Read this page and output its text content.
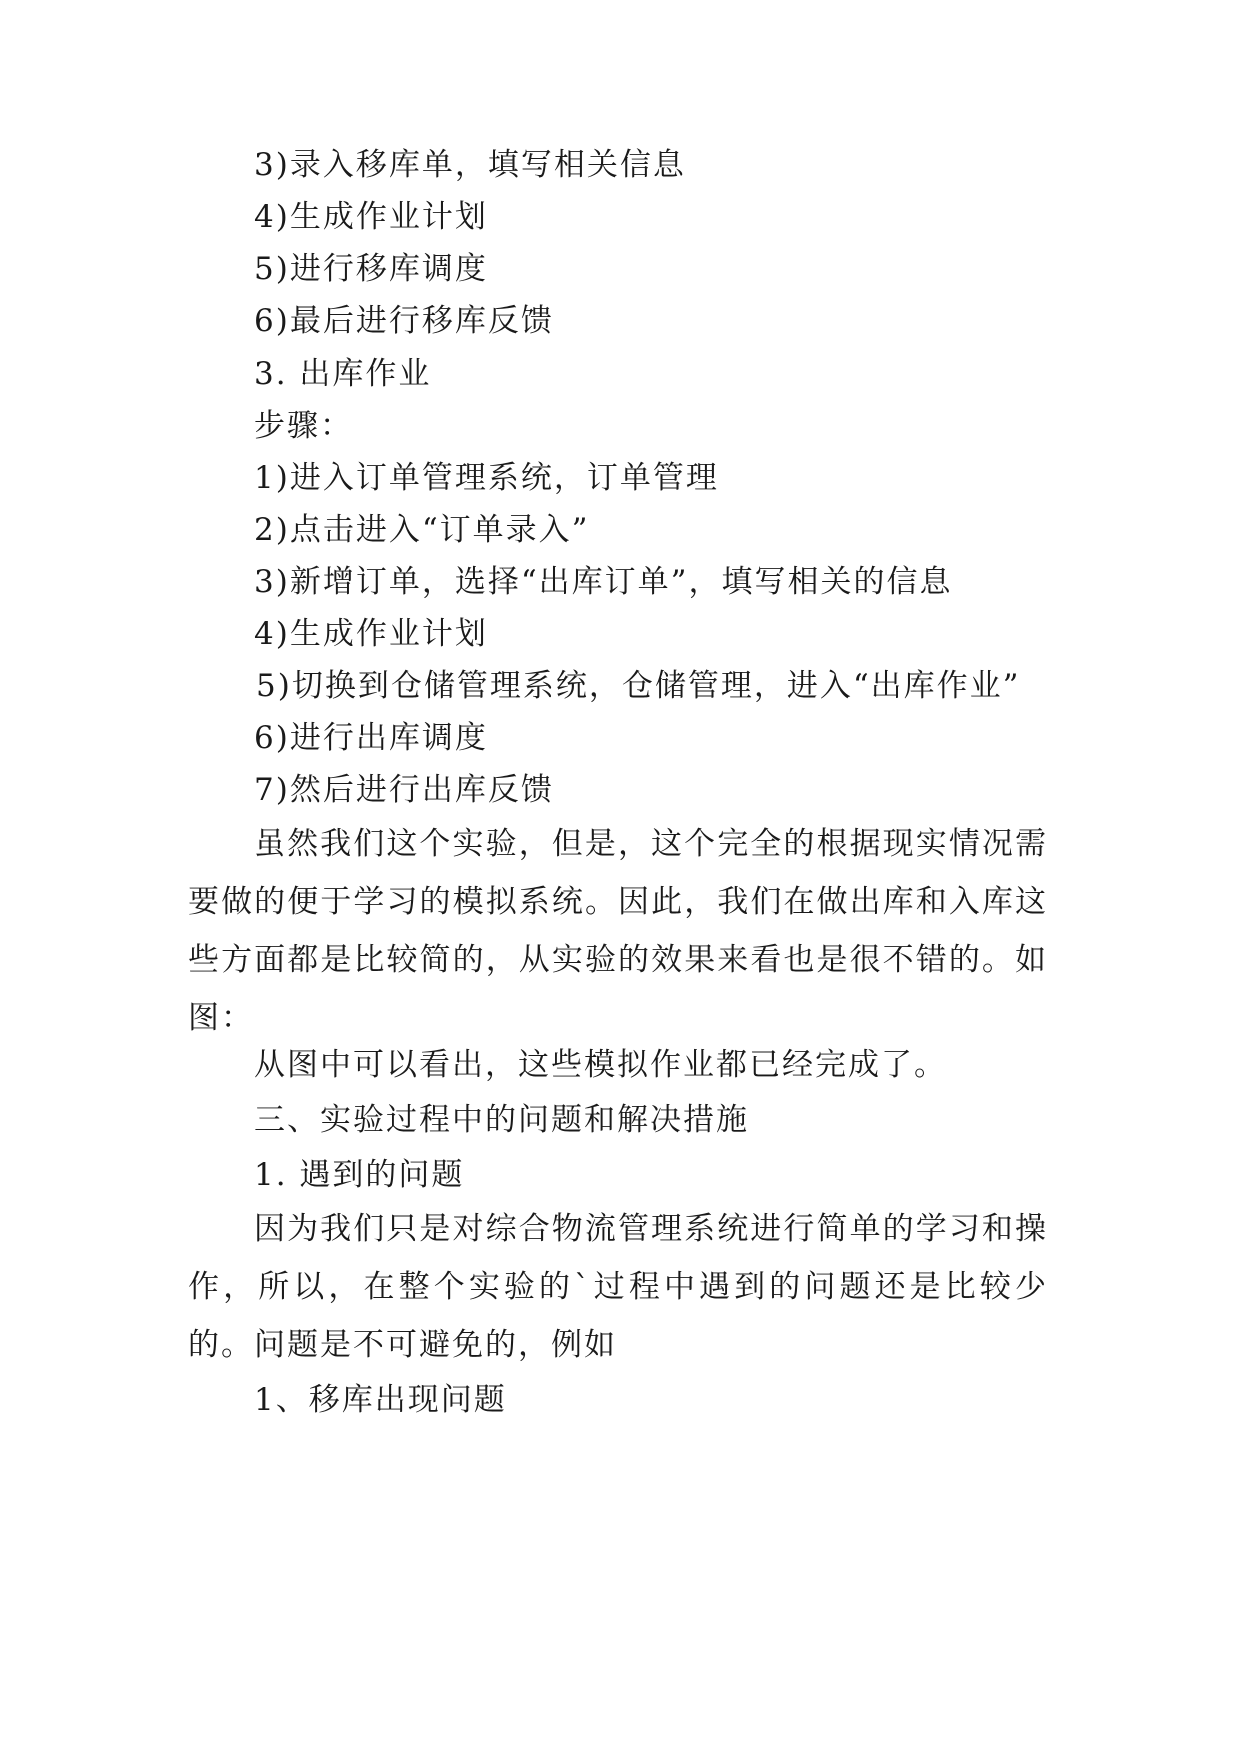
3)录入移库单，填写相关信息
4)生成作业计划
5)进行移库调度
6)最后进行移库反馈
3. 出库作业
步骤：
1)进入订单管理系统，订单管理
2)点击进入“订单录入”
3)新增订单，选择“出库订单”，填写相关的信息
4)生成作业计划
5)切换到仓储管理系统，仓储管理，进入“出库作业”
6)进行出库调度
7)然后进行出库反馈
虽然我们这个实验，但是，这个完全的根据现实情况需要做的便于学习的模拟系统。因此，我们在做出库和入库这些方面都是比较简的，从实验的效果来看也是很不错的。如图：
从图中可以看出，这些模拟作业都已经完成了。
三、实验过程中的问题和解决措施
1. 遇到的问题
因为我们只是对综合物流管理系统进行简单的学习和操作，所以，在整个实验的`过程中遇到的问题还是比较少的。问题是不可避免的，例如
1、移库出现问题
